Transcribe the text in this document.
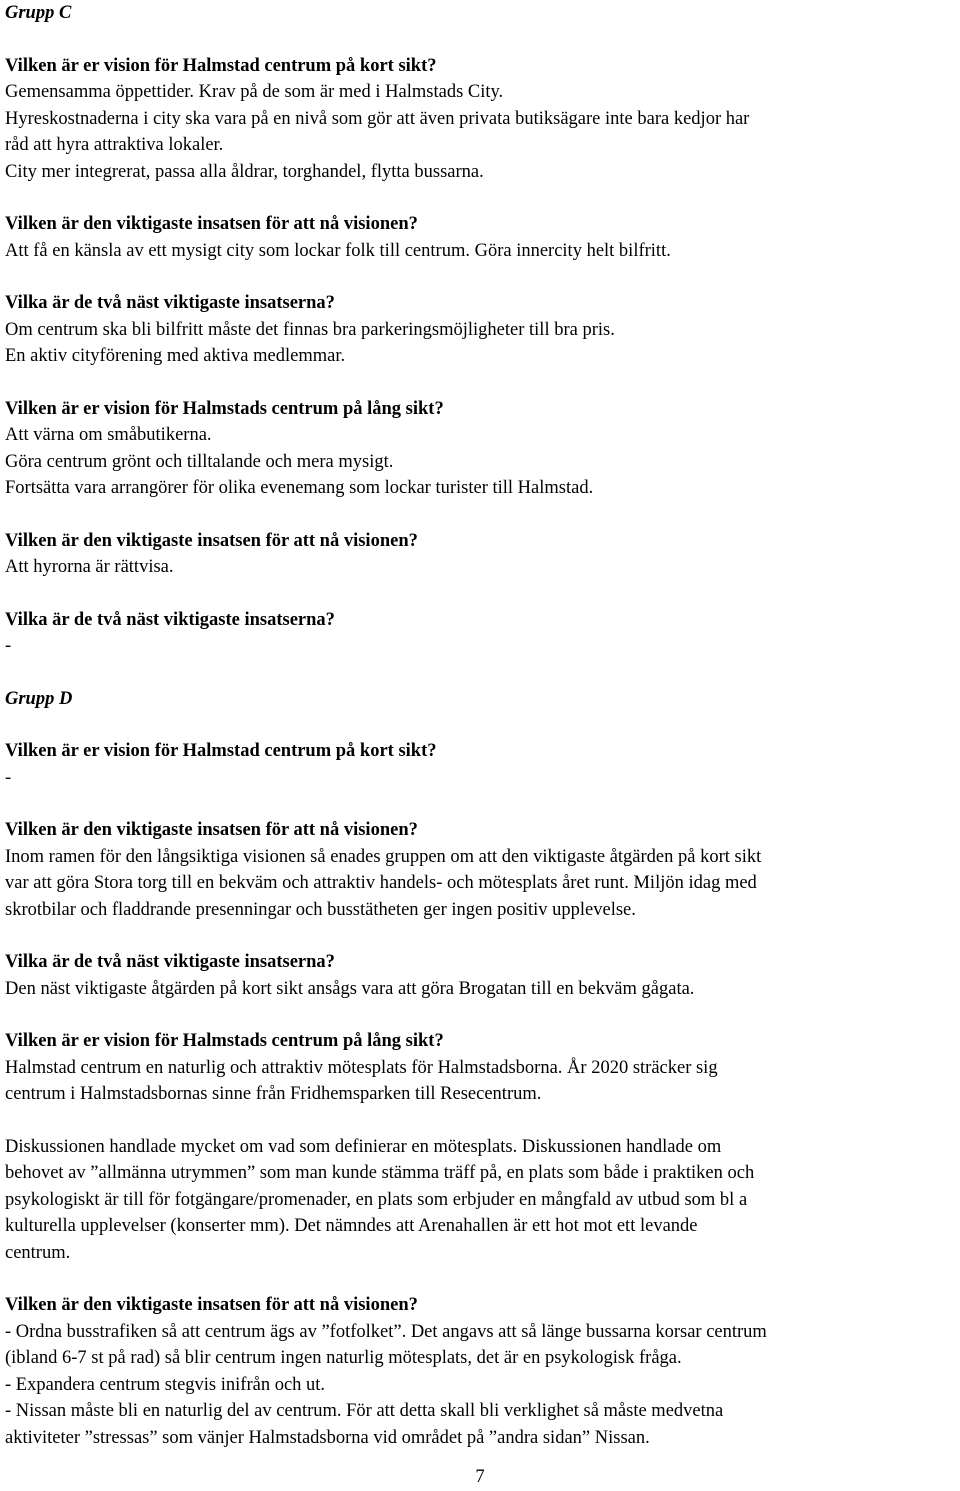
Grupp C

Vilken är er vision för Halmstad centrum på kort sikt?

Gemensamma öppettider. Krav på de som är med i Halmstads City.

Hyreskostnaderna i city ska vara på en nivå som gör att även privata butiksägare inte bara kedjor har

råd att hyra attraktiva lokaler.

City mer integrerat, passa alla åldrar, torghandel, flytta bussarna.

Vilken är den viktigaste insatsen för att nå visionen?

Att få en känsla av ett mysigt city som lockar folk till centrum. Göra innercity helt bilfritt.

Vilka är de två näst viktigaste insatserna?

Om centrum ska bli bilfritt måste det finnas bra parkeringsmöjligheter till bra pris.

En aktiv cityförening med aktiva medlemmar.

Vilken är er vision för Halmstads centrum på lång sikt?

Att värna om småbutikerna.

Göra centrum grönt och tilltalande och mera mysigt.

Fortsätta vara arrangörer för olika evenemang som lockar turister till Halmstad.

Vilken är den viktigaste insatsen för att nå visionen?

Att hyrorna är rättvisa.

Vilka är de två näst viktigaste insatserna?

-

Grupp D

Vilken är er vision för Halmstad centrum på kort sikt?

-

Vilken är den viktigaste insatsen för att nå visionen?

Inom ramen för den långsiktiga visionen så enades gruppen om att den viktigaste åtgärden på kort sikt

var att göra Stora torg till en bekväm och attraktiv handels- och mötesplats året runt. Miljön idag med

skrotbilar och fladdrande presenningar och busstätheten ger ingen positiv upplevelse.

Vilka är de två näst viktigaste insatserna?

Den näst viktigaste åtgärden på kort sikt ansågs vara att göra Brogatan till en bekväm gågata.

Vilken är er vision för Halmstads centrum på lång sikt?

Halmstad centrum en naturlig och attraktiv mötesplats för Halmstadsborna. År 2020 sträcker sig

centrum i Halmstadsbornas sinne från Fridhemsparken till Resecentrum.

Diskussionen handlade mycket om vad som definierar en mötesplats. Diskussionen handlade om

behovet av ”allmänna utrymmen” som man kunde stämma träff på, en plats som både i praktiken och

psykologiskt är till för fotgängare/promenader, en plats som erbjuder en mångfald av utbud som bl a

kulturella upplevelser (konserter mm). Det nämndes att Arenahallen är ett hot mot ett levande

centrum.

Vilken är den viktigaste insatsen för att nå visionen?

- Ordna busstrafiken så att centrum ägs av ”fotfolket”. Det angavs att så länge bussarna korsar centrum

(ibland 6-7 st på rad) så blir centrum ingen naturlig mötesplats, det är en psykologisk fråga.

- Expandera centrum stegvis inifrån och ut.

- Nissan måste bli en naturlig del av centrum. För att detta skall bli verklighet så måste medvetna

aktiviteter ”stressas” som vänjer Halmstadsborna vid området på ”andra sidan” Nissan.

7
